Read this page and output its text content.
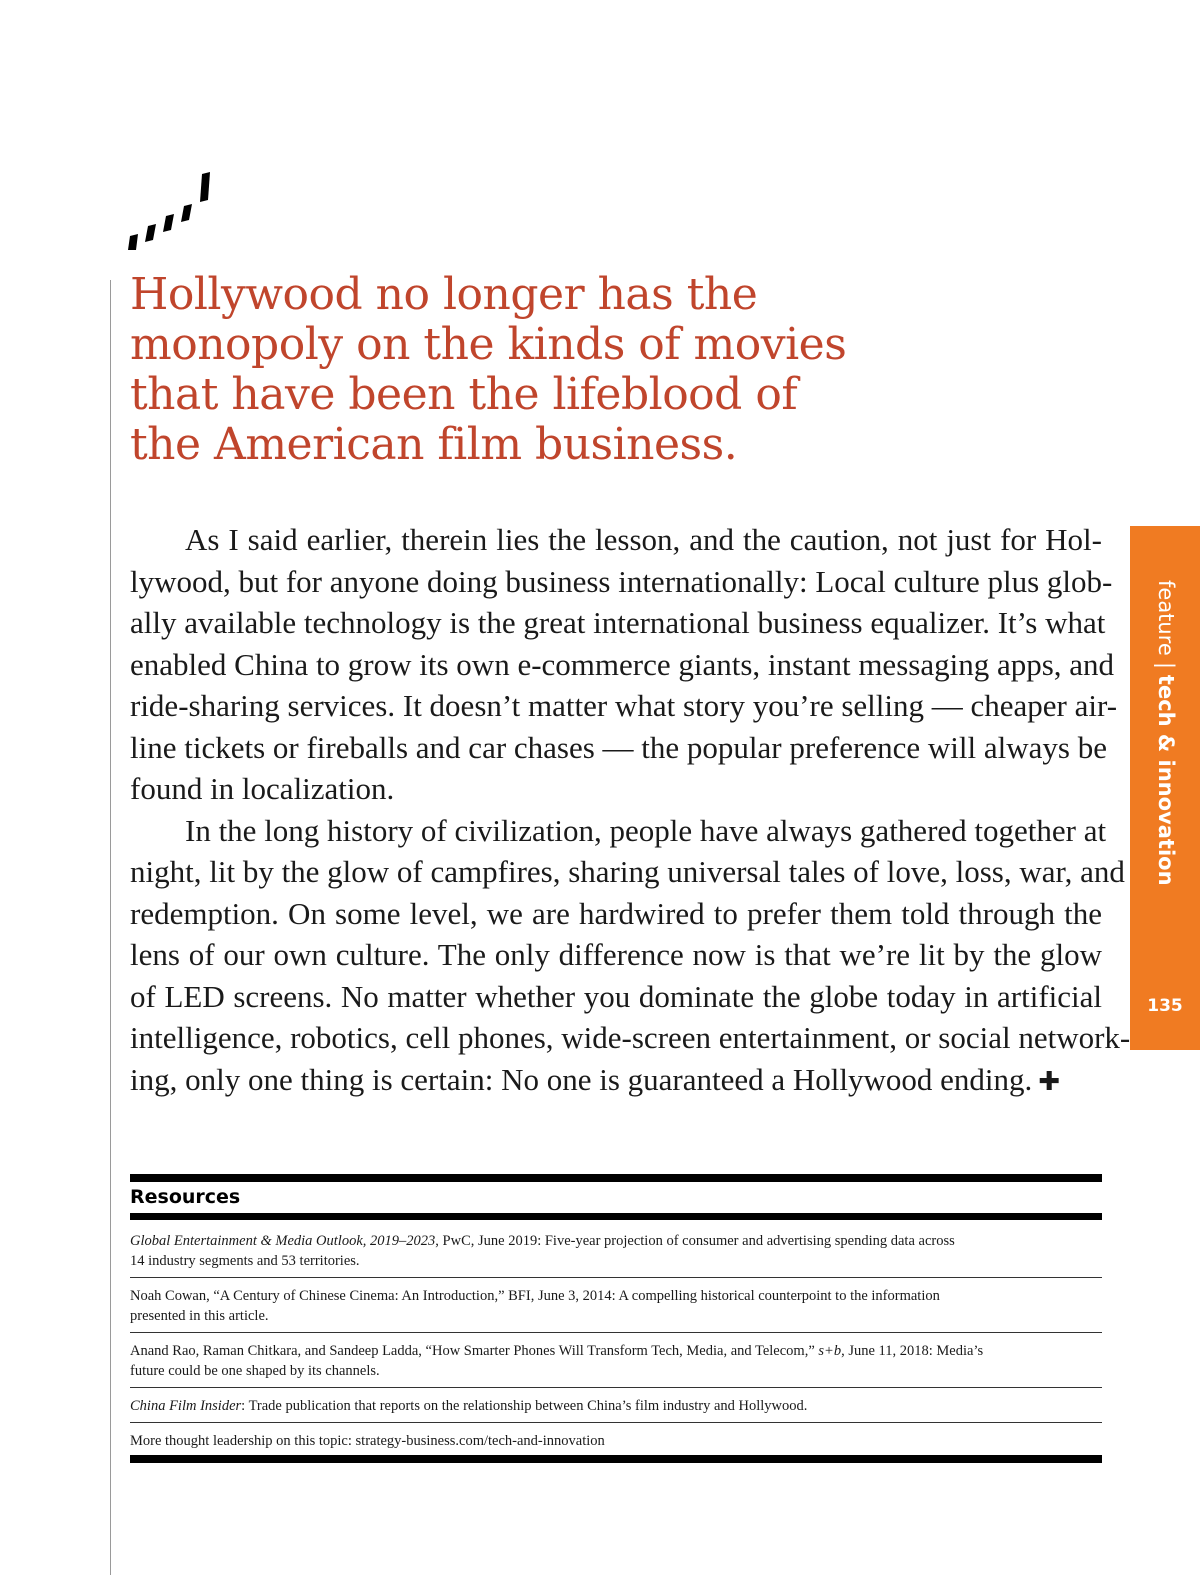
Hollywood no longer has the
monopoly on the kinds of movies
that have been the lifeblood of
the American film business.
As I said earlier, therein lies the lesson, and the caution, not just for Hol-
lywood, but for anyone doing business internationally: Local culture plus glob-
ally available technology is the great international business equalizer. It’s what
enabled China to grow its own e-commerce giants, instant messaging apps, and
ride-sharing services. It doesn’t matter what story you’re selling — cheaper air-
line tickets or fireballs and car chases — the popular preference will always be
found in localization.
In the long history of civilization, people have always gathered together at
night, lit by the glow of campfires, sharing universal tales of love, loss, war, and
redemption. On some level, we are hardwired to prefer them told through the
lens of our own culture. The only difference now is that we’re lit by the glow
of LED screens. No matter whether you dominate the globe today in artificial
intelligence, robotics, cell phones, wide-screen entertainment, or social network-
ing, only one thing is certain: No one is guaranteed a Hollywood ending. ✚
feature|tech & innovation
135
Resources
Global Entertainment & Media Outlook, 2019–2023, PwC, June 2019: Five-year projection of consumer and advertising spending data across
14 industry segments and 53 territories.
Noah Cowan, “A Century of Chinese Cinema: An Introduction,” BFI, June 3, 2014: A compelling historical counterpoint to the information
presented in this article.
Anand Rao, Raman Chitkara, and Sandeep Ladda, “How Smarter Phones Will Transform Tech, Media, and Telecom,” s+b, June 11, 2018: Media’s
future could be one shaped by its channels.
China Film Insider: Trade publication that reports on the relationship between China’s film industry and Hollywood.
More thought leadership on this topic: strategy-business.com/tech-and-innovation
